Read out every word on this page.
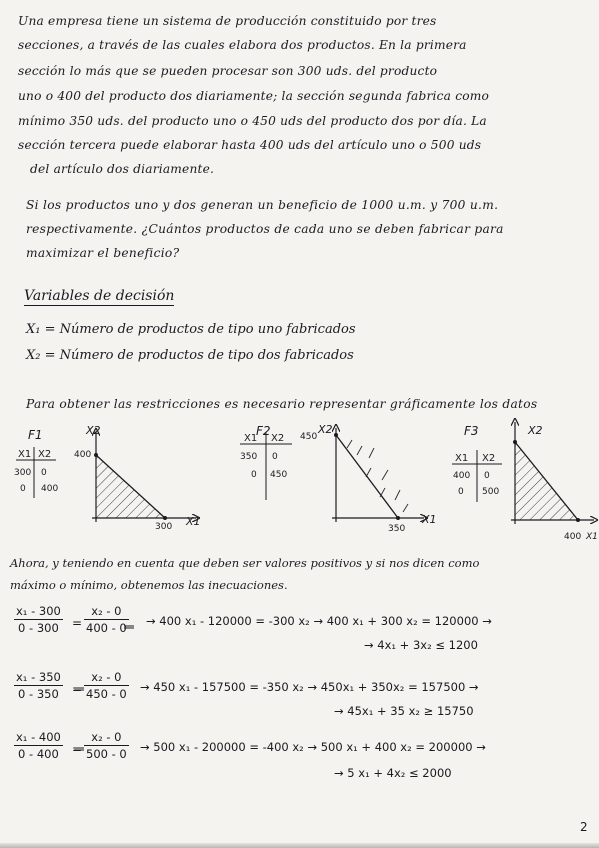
Una empresa tiene un sistema de producción constituido por tres
secciones, a través de las cuales elabora dos productos. En la primera
sección lo más que se pueden procesar son 300 uds. del producto
uno o 400 del producto dos diariamente; la sección segunda fabrica como
mínimo 350 uds. del producto uno o 450 uds del producto dos por día. La
sección tercera puede elaborar hasta 400 uds del artículo uno o 500 uds
del artículo dos diariamente.
Si los productos uno y dos generan un beneficio de 1000 u.m. y 700 u.m.
respectivamente. ¿Cuántos productos de cada uno se deben fabricar para
maximizar el beneficio?
Variables de decisión
X₁ = Número de productos de tipo uno fabricados
X₂ = Número de productos de tipo dos fabricados
Para obtener las restricciones es necesario representar gráficamente los datos
F1
X1 X2
300 0
0 400
X2
400
X1
300
F2
X1 X2
350 0
0 450
X2
450
X1
350
F3
X1 X2
400 0
0 500
X2
X1
400
Ahora, y teniendo en cuenta que deben ser valores positivos y si nos dicen como
máximo o mínimo, obtenemos las inecuaciones.
$\frac{\text{x₁ - 300}}{0 - 300} = \frac{\text{x₂ - 0}}{400 - 0} \to 400$ x₁ - 120000 = -300 x₂ → 400 x₁ + 300 x₂ = 120000 →
→ 4x₁ + 3x₂ ≤ 1200
$\frac{\text{x₁ - 350}}{0 - 350} = \frac{\text{x₂ - 0}}{450 - 0} \to 450$ x₁ - 157500 = -350 x₂ → 450x₁ + 350x₂ = 157500 →
→ 45x₁ + 35 x₂ ≥ 15750
$\frac{\text{x₁ - 400}}{0 - 400} = \frac{\text{x₂ - 0}}{500 - 0} \to 500$ x₁ - 200000 = -400 x₂ → 500 x₁ + 400 x₂ = 200000 →
→ 5 x₁ + 4x₂ ≤ 2000
2
